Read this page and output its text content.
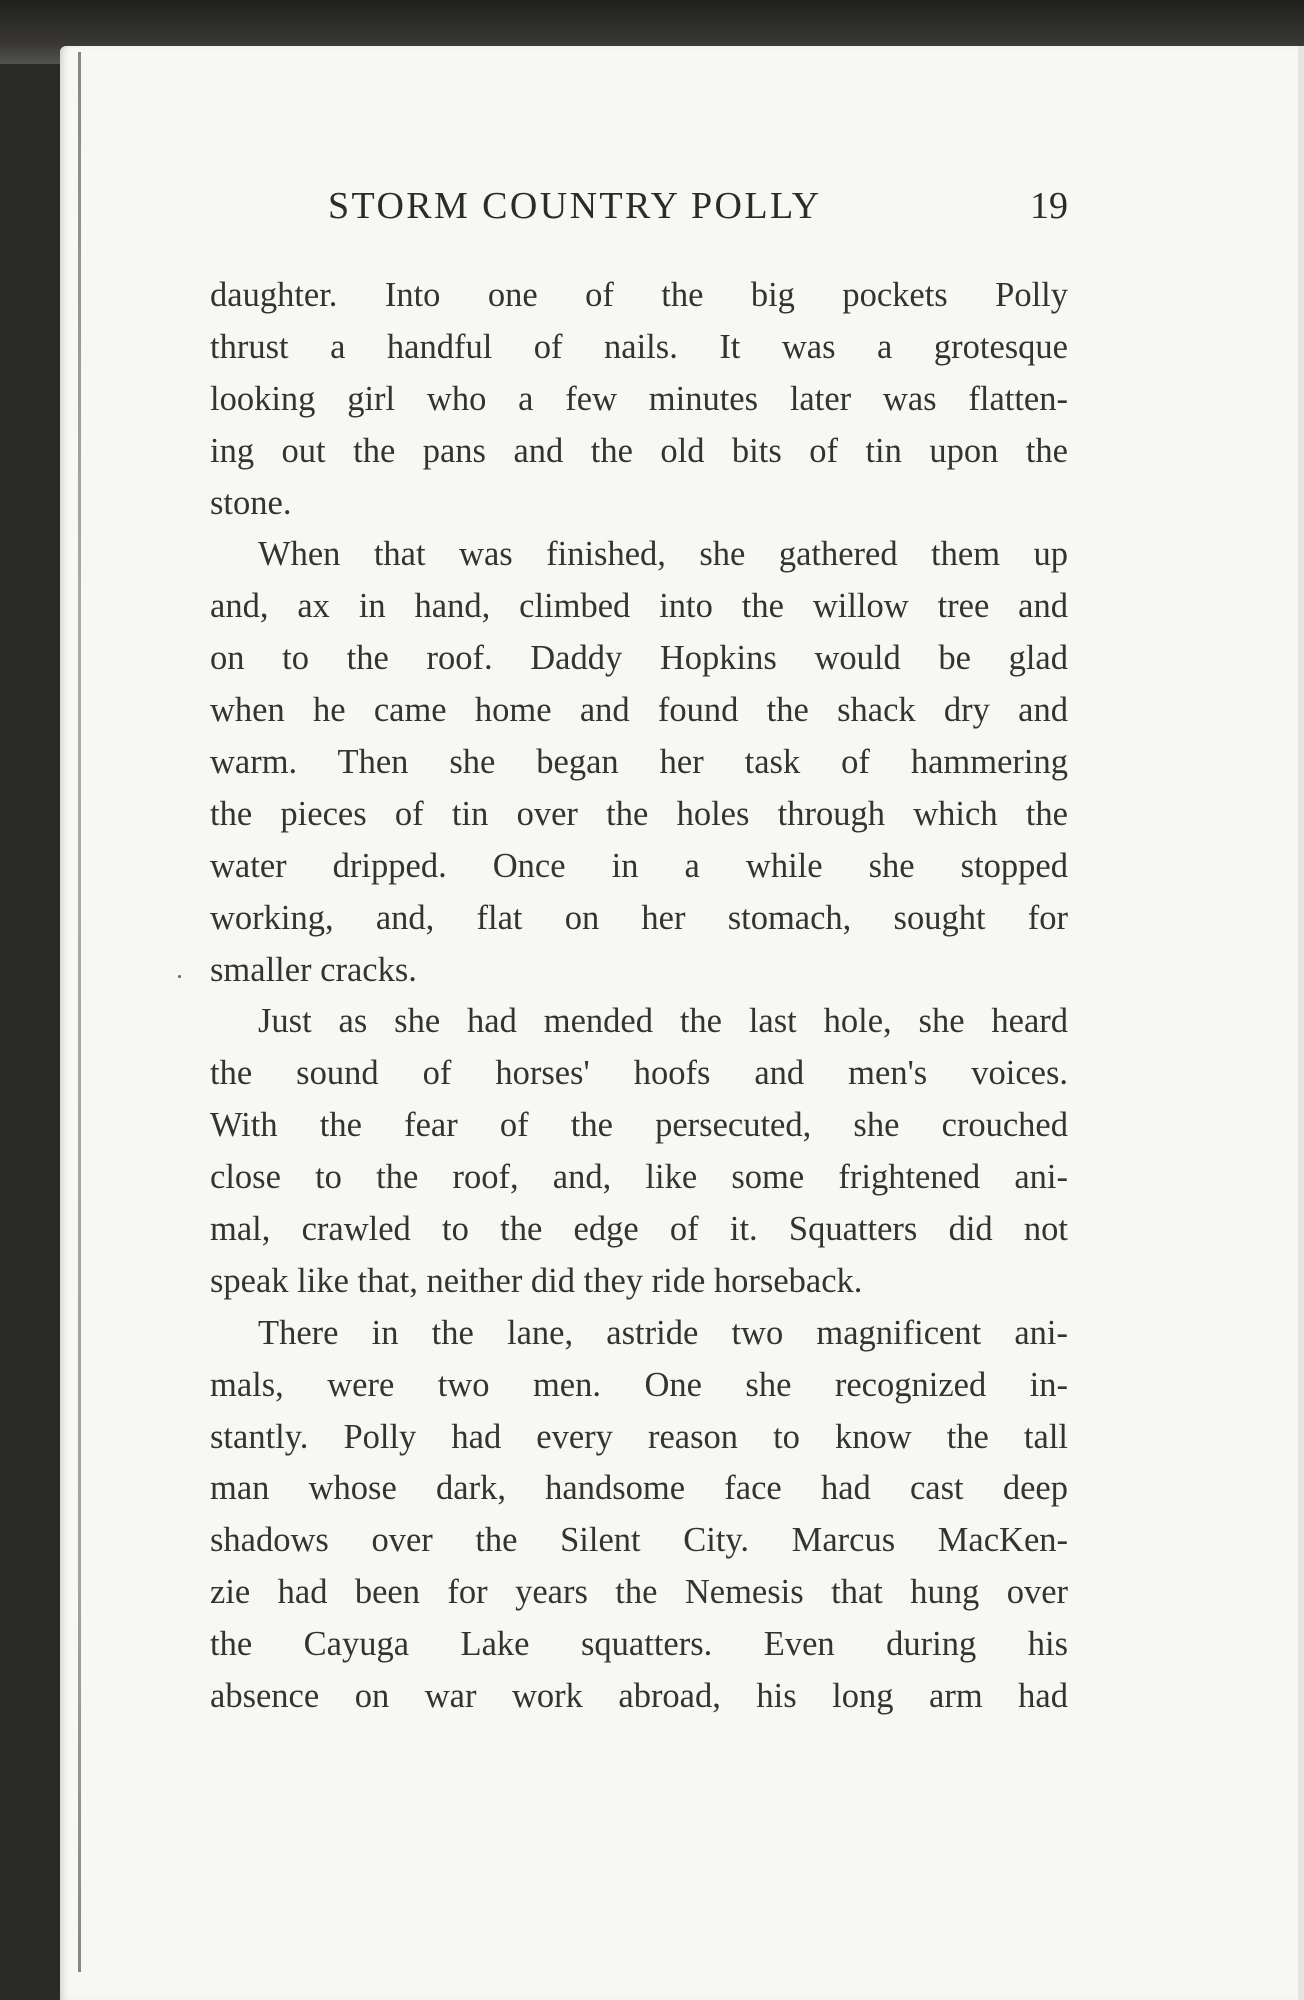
STORM COUNTRY POLLY	19
daughter. Into one of the big pockets Polly
thrust a handful of nails. It was a grotesque
looking girl who a few minutes later was flatten-
ing out the pans and the old bits of tin upon the
stone.
When that was finished, she gathered them up
and, ax in hand, climbed into the willow tree and
on to the roof. Daddy Hopkins would be glad
when he came home and found the shack dry and
warm. Then she began her task of hammering
the pieces of tin over the holes through which the
water dripped. Once in a while she stopped
working, and, flat on her stomach, sought for
smaller cracks.
Just as she had mended the last hole, she heard
the sound of horses' hoofs and men's voices.
With the fear of the persecuted, she crouched
close to the roof, and, like some frightened ani-
mal, crawled to the edge of it. Squatters did not
speak like that, neither did they ride horseback.
There in the lane, astride two magnificent ani-
mals, were two men. One she recognized in-
stantly. Polly had every reason to know the tall
man whose dark, handsome face had cast deep
shadows over the Silent City. Marcus MacKen-
zie had been for years the Nemesis that hung over
the Cayuga Lake squatters. Even during his
absence on war work abroad, his long arm had
